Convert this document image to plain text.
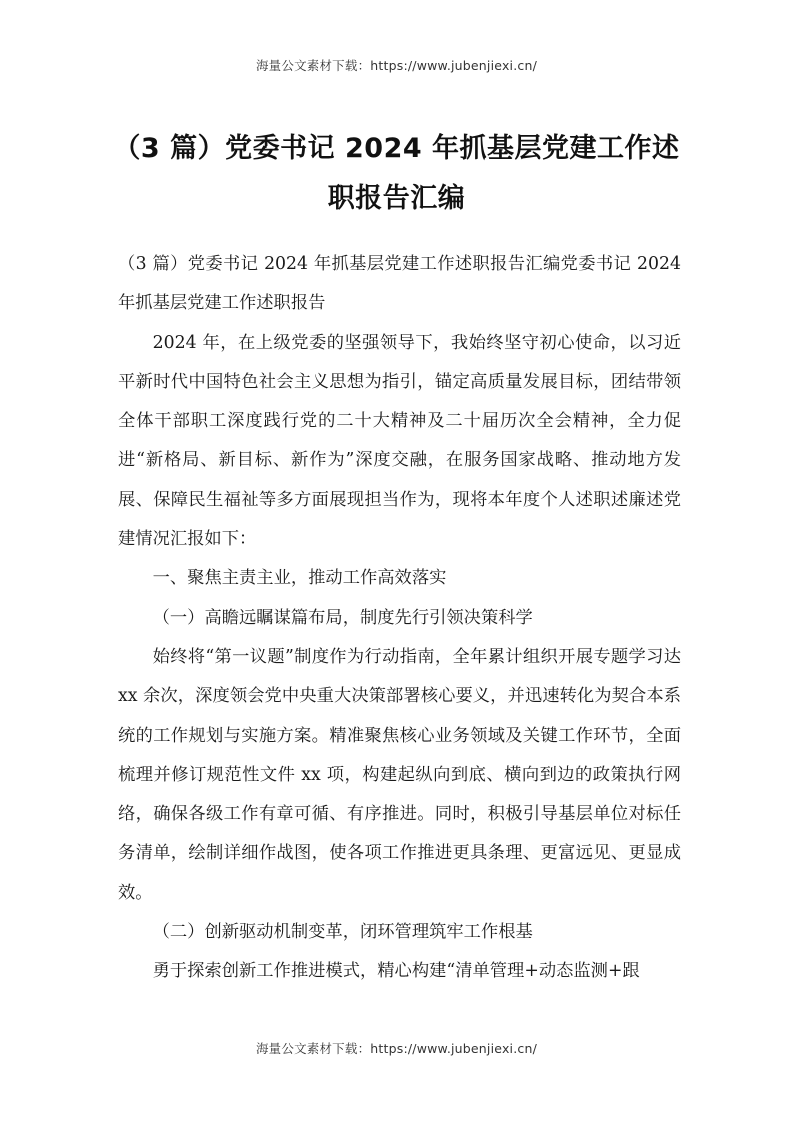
海量公文素材下载：https://www.jubenjiexi.cn/
（3 篇）党委书记 2024 年抓基层党建工作述职报告汇编

（3 篇）党委书记 2024 年抓基层党建工作述职报告汇编党委书记 2024 年抓基层党建工作述职报告

2024 年，在上级党委的坚强领导下，我始终坚守初心使命，以习近平新时代中国特色社会主义思想为指引，锚定高质量发展目标，团结带领全体干部职工深度践行党的二十大精神及二十届历次全会精神，全力促进“新格局、新目标、新作为”深度交融，在服务国家战略、推动地方发展、保障民生福祉等多方面展现担当作为，现将本年度个人述职述廉述党建情况汇报如下：

一、聚焦主责主业，推动工作高效落实

（一）高瞻远瞩谋篇布局，制度先行引领决策科学

始终将“第一议题”制度作为行动指南，全年累计组织开展专题学习达 xx 余次，深度领会党中央重大决策部署核心要义，并迅速转化为契合本系统的工作规划与实施方案。精准聚焦核心业务领域及关键工作环节，全面梳理并修订规范性文件 xx 项，构建起纵向到底、横向到边的政策执行网络，确保各级工作有章可循、有序推进。同时，积极引导基层单位对标任务清单，绘制详细作战图，使各项工作推进更具条理、更富远见、更显成效。

（二）创新驱动机制变革，闭环管理筑牢工作根基

勇于探索创新工作推进模式，精心构建“清单管理+动态监测+跟

海量公文素材下载：https://www.jubenjiexi.cn/
